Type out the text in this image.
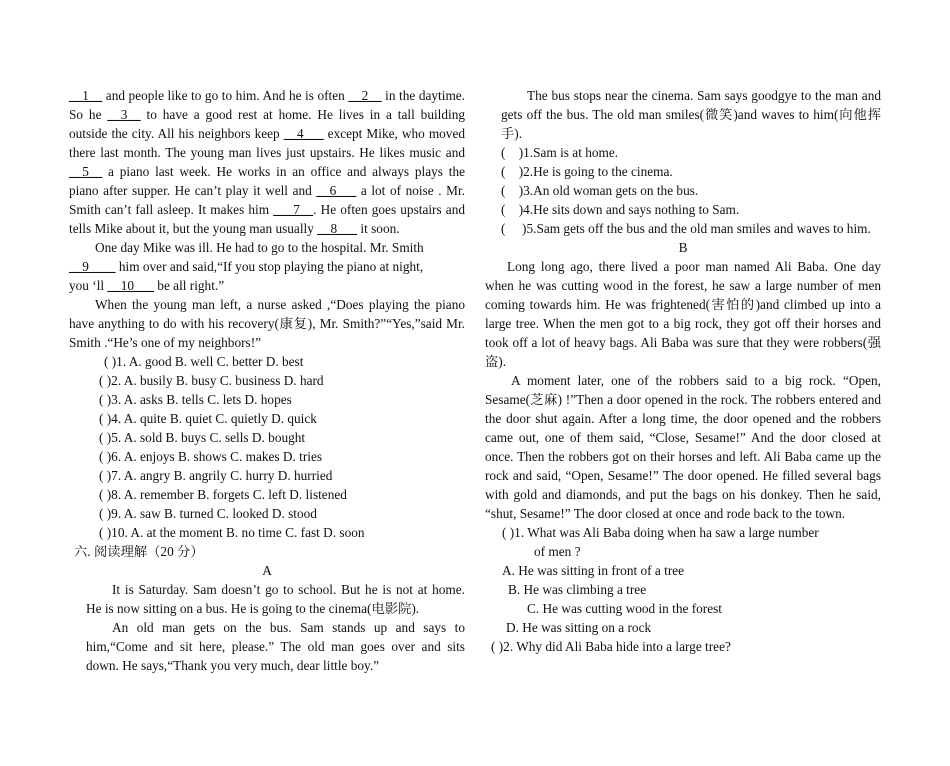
__1__ and people like to go to him. And he is often __2__ in the daytime. So he __3__ to have a good rest at home. He lives in a tall building outside the city. All his neighbors keep __4___ except Mike, who moved there last month. The young man lives just upstairs. He likes music and __5__ a piano last week. He works in an office and always plays the piano after supper. He can’t play it well and __6___ a lot of noise . Mr. Smith can’t fall asleep. It makes him ___7__. He often goes upstairs and tells Mike about it, but the young man usually __8___ it soon.

One day Mike was ill. He had to go to the hospital. Mr. Smith

__9____ him over and said,“If you stop playing the piano at night,

you ‘ll __10___ be all right.”

When the young man left, a nurse asked ,“Does playing the piano have anything to do with his recovery(康复), Mr. Smith?”“Yes,”said Mr. Smith .“He’s one of my neighbors!”

( )1. A. good B. well C. better D. best

( )2. A. busily B. busy C. business D. hard

( )3. A. asks B. tells C. lets D. hopes

( )4. A. quite B. quiet C. quietly D. quick

( )5. A. sold B. buys C. sells D. bought

( )6. A. enjoys B. shows C. makes D. tries

( )7. A. angry B. angrily C. hurry D. hurried

( )8. A. remember B. forgets C. left D. listened

( )9. A. saw B. turned C. looked D. stood

( )10. A. at the moment B. no time C. fast D. soon

六. 阅读理解（20 分）

A

It is Saturday. Sam doesn’t go to school. But he is not at home. He is now sitting on a bus. He is going to the cinema(电影院).

An old man gets on the bus. Sam stands up and says to him,“Come and sit here, please.” The old man goes over and sits down. He says,“Thank you very much, dear little boy.”

The bus stops near the cinema. Sam says goodgye to the man and gets off the bus. The old man smiles(微笑)and waves to him(向他挥手).

(    ) 1.Sam is at home.
(    ) 2.He is going to the cinema.
(    ) 3.An old woman gets on the bus.
(    ) 4.He sits down and says nothing to Sam.
(     ) 5.Sam gets off the bus and the old man smiles and waves to him.

B

Long long ago, there lived a poor man named Ali Baba. One day when he was cutting wood in the forest, he saw a large number of men coming towards him. He was frightened(害怕的)and climbed up into a large tree. When the men got to a big rock, they got off their horses and took off a lot of heavy bags. Ali Baba was sure that they were robbers(强盗).

A moment later, one of the robbers said to a big rock. “Open, Sesame(芝麻) !”Then a door opened in the rock. The robbers entered and the door shut again. After a long time, the door opened and the robbers came out, one of them said, “Close, Sesame!” And the door closed at once. Then the robbers got on their horses and left. Ali Baba came up the rock and said, “Open, Sesame!” The door opened. He filled several bags with gold and diamonds, and put the bags on his donkey. Then he said, “shut, Sesame!” The door closed at once and rode back to the town.

( )1. What was Ali Baba doing when ha saw a large number

of men ?

A. He was sitting in front of a tree

B. He was climbing a tree

C. He was cutting wood in the forest

D. He was sitting on a rock

( )2. Why did Ali Baba hide into a large tree?
